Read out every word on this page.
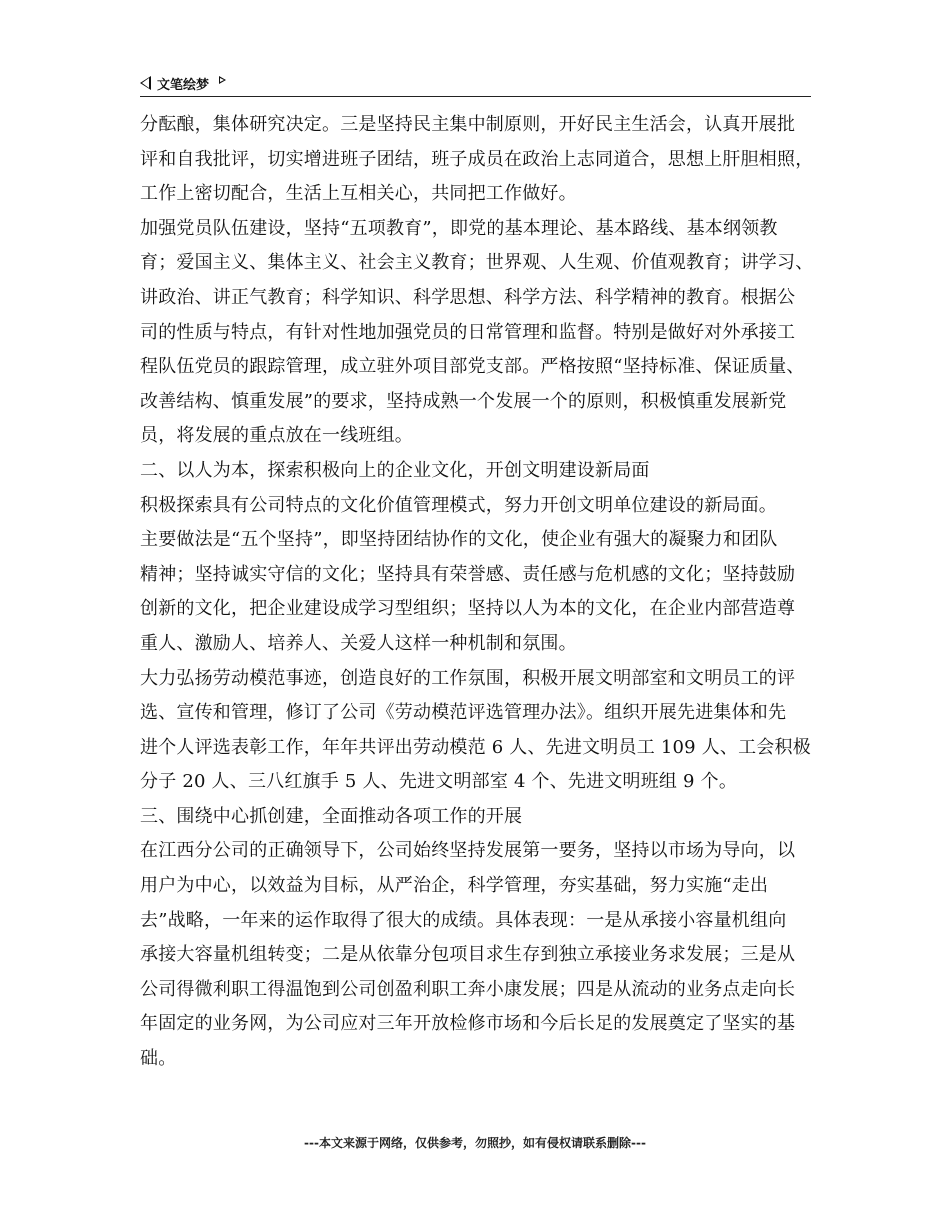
文笔绘梦
分酝酿，集体研究决定。三是坚持民主集中制原则，开好民主生活会，认真开展批
评和自我批评，切实增进班子团结，班子成员在政治上志同道合，思想上肝胆相照，
工作上密切配合，生活上互相关心，共同把工作做好。
加强党员队伍建设，坚持“五项教育”，即党的基本理论、基本路线、基本纲领教
育；爱国主义、集体主义、社会主义教育；世界观、人生观、价值观教育；讲学习、
讲政治、讲正气教育；科学知识、科学思想、科学方法、科学精神的教育。根据公
司的性质与特点，有针对性地加强党员的日常管理和监督。特别是做好对外承接工
程队伍党员的跟踪管理，成立驻外项目部党支部。严格按照“坚持标准、保证质量、
改善结构、慎重发展”的要求，坚持成熟一个发展一个的原则，积极慎重发展新党
员，将发展的重点放在一线班组。
二、以人为本，探索积极向上的企业文化，开创文明建设新局面
积极探索具有公司特点的文化价值管理模式，努力开创文明单位建设的新局面。
主要做法是“五个坚持”，即坚持团结协作的文化，使企业有强大的凝聚力和团队
精神；坚持诚实守信的文化；坚持具有荣誉感、责任感与危机感的文化；坚持鼓励
创新的文化，把企业建设成学习型组织；坚持以人为本的文化，在企业内部营造尊
重人、激励人、培养人、关爱人这样一种机制和氛围。
大力弘扬劳动模范事迹，创造良好的工作氛围，积极开展文明部室和文明员工的评
选、宣传和管理，修订了公司《劳动模范评选管理办法》。组织开展先进集体和先
进个人评选表彰工作，年年共评出劳动模范 6 人、先进文明员工 109 人、工会积极
分子 20 人、三八红旗手 5 人、先进文明部室 4 个、先进文明班组 9 个。
三、围绕中心抓创建，全面推动各项工作的开展
在江西分公司的正确领导下，公司始终坚持发展第一要务，坚持以市场为导向，以
用户为中心，以效益为目标，从严治企，科学管理，夯实基础，努力实施“走出
去”战略，一年来的运作取得了很大的成绩。具体表现：一是从承接小容量机组向
承接大容量机组转变；二是从依靠分包项目求生存到独立承接业务求发展；三是从
公司得微利职工得温饱到公司创盈利职工奔小康发展；四是从流动的业务点走向长
年固定的业务网，为公司应对三年开放检修市场和今后长足的发展奠定了坚实的基
础。
---本文来源于网络，仅供参考，勿照抄，如有侵权请联系删除---
